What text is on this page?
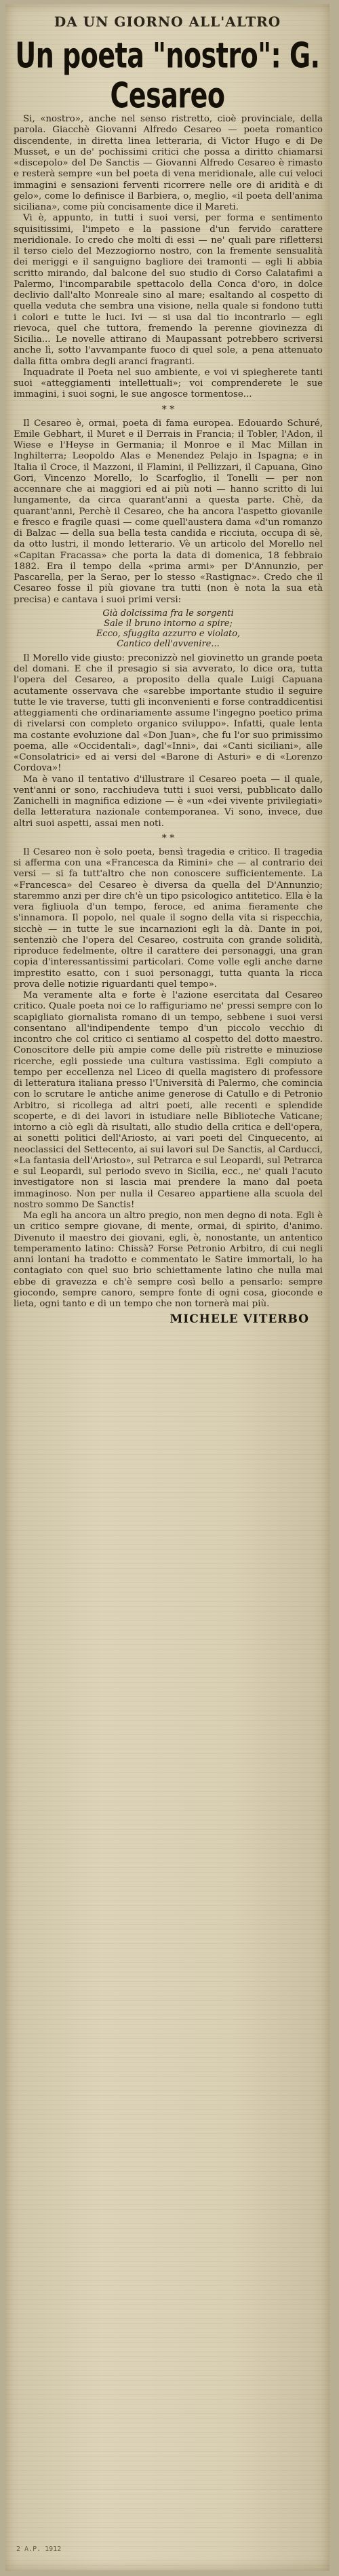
DA UN GIORNO ALL'ALTRO
Un poeta "nostro": G. Cesareo

Si, «nostro», anche nel senso ristretto, cioè provinciale, della parola. Giacchè Giovanni Alfredo Cesareo — poeta romantico discendente, in diretta linea letteraria, di Victor Hugo e di De Musset, e un de' pochissimi critici che possa a diritto chiamarsi «discepolo» del De Sanctis — Giovanni Alfredo Cesareo è rimasto e resterà sempre «un bel poeta di vena meridionale, alle cui veloci immagini e sensazioni ferventi ricorrere nelle ore di aridità e di gelo», come lo definisce il Barbiera, o, meglio, «il poeta dell'anima siciliana», come più concisamente dice il Mareti.

Vi è, appunto, in tutti i suoi versi, per forma e sentimento squisitissimi, l'impeto e la passione d'un fervido carattere meridionale. Io credo che molti di essi — ne' quali pare riflettersi il terso cielo del Mezzogiorno nostro, con la fremente sensualità dei meriggi e il sanguigno bagliore dei tramonti — egli li abbia scritto mirando, dal balcone del suo studio di Corso Calatafimi a Palermo, l'incomparabile spettacolo della Conca d'oro, in dolce declivio dall'alto Monreale sino al mare; esaltando al cospetto di quella veduta che sembra una visione, nella quale si fondono tutti i colori e tutte le luci. Ivi — si usa dal tio incontrarlo — egli rievoca, quel che tuttora, fremendo la perenne giovinezza di Sicilia... Le novelle attirano di Maupassant potrebbero scriversi anche lì, sotto l'avvampante fuoco di quel sole, a pena attenuato dalla fitta ombra degli aranci fragranti.

Inquadrate il Poeta nel suo ambiente, e voi vi spiegherete tanti suoi «atteggiamenti intellettuali»; voi comprenderete le sue immagini, i suoi sogni, le sue angosce tormentose...

* *

Il Cesareo è, ormai, poeta di fama europea. Edouardo Schuré, Emile Gebhart, il Muret e il Derrais in Francia; il Tobler, l'Adon, il Wiese e l'Heyse in Germania; il Monroe e il Mac Millan in Inghilterra; Leopoldo Alas e Menendez Pelajo in Ispagna; e in Italia il Croce, il Mazzoni, il Flamini, il Pellizzari, il Capuana, Gino Gori, Vincenzo Morello, lo Scarfoglio, il Tonelli — per non accennare che ai maggiori ed ai più noti — hanno scritto di lui lungamente, da circa quarant'anni a questa parte. Chè, da quarant'anni, Perchè il Cesareo, che ha ancora l'aspetto giovanile e fresco e fragile quasi — come quell'austera dama «d'un romanzo di Balzac — della sua bella testa candida e ricciuta, occupa di sè, da otto lustri, il mondo letterario. Vè un articolo del Morello nel «Capitan Fracassa» che porta la data di domenica, 18 febbraio 1882. Era il tempo della «prima armi» per D'Annunzio, per Pascarella, per la Serao, per lo stesso «Rastignac». Credo che il Cesareo fosse il più giovane tra tutti (non è nota la sua età precisa) e cantava i suoi primi versi:

Già dolcissima fra le sorgenti
Sale il bruno intorno a spire;
Ecco, sfuggita azzurro e violato,
Cantico dell'avvenire...

Il Morello vide giusto: preconizzò nel giovinetto un grande poeta del domani. E che il presagio si sia avverato, lo dice ora, tutta l'opera del Cesareo, a proposito della quale Luigi Capuana acutamente osservava che «sarebbe importante studio il seguire tutte le vie traverse, tutti gli inconvenienti e forse contraddicentisi atteggiamenti che ordinariamente assume l'ingegno poetico prima di rivelarsi con completo organico sviluppo». Infatti, quale lenta ma costante evoluzione dal «Don Juan», che fu l'or suo primissimo poema, alle «Occidentali», dagl'«Inni», dai «Canti siciliani», alle «Consolatrici» ed ai versi del «Barone di Asturi» e di «Lorenzo Cordova»!

Ma è vano il tentativo d'illustrare il Cesareo poeta — il quale, vent'anni or sono, racchiudeva tutti i suoi versi, pubblicato dallo Zanichelli in magnifica edizione — è «un «dei vivente privilegiati» della letteratura nazionale contemporanea. Vi sono, invece, due altri suoi aspetti, assai men noti.

* *

Il Cesareo non è solo poeta, bensì tragedia e critico. Il tragedia si afferma con una «Francesca da Rimini» che — al contrario dei versi — si fa tutt'altro che non conoscere sufficientemente. La «Francesca» del Cesareo è diversa da quella del D'Annunzio; staremmo anzi per dire ch'è un tipo psicologico antitetico. Ella è la vera figliuola d'un tempo, feroce, ed anima fieramente che s'innamora. Il popolo, nel quale il sogno della vita si rispecchia, sicchè — in tutte le sue incarnazioni egli la dà. Dante in poi, sentenziò che l'opera del Cesareo, costruita con grande solidità, riproduce fedelmente, oltre il carattere dei personaggi, una gran copia d'interessantissimi particolari. Come volle egli anche darne imprestito esatto, con i suoi personaggi, tutta quanta la ricca prova delle notizie riguardanti quel tempo».

Ma veramente alta e forte è l'azione esercitata dal Cesareo critico. Quale poeta noi ce lo raffiguriamo ne' pressi sempre con lo scapigliato giornalista romano di un tempo, sebbene i suoi versi consentano all'indipendente tempo d'un piccolo vecchio di incontro che col critico ci sentiamo al cospetto del dotto maestro. Conoscitore delle più ampie come delle più ristrette e minuziose ricerche, egli possiede una cultura vastissima. Egli compiuto a tempo per eccellenza nel Liceo di quella magistero di professore di letteratura italiana presso l'Università di Palermo, che comincia con lo scrutare le antiche anime generose di Catullo e di Petronio Arbitro, si ricollega ad altri poeti, alle recenti e splendide scoperte, e di dei lavori in istudiare nelle Biblioteche Vaticane; intorno a ciò egli dà risultati, allo studio della critica e dell'opera, ai sonetti politici dell'Ariosto, ai vari poeti del Cinquecento, ai neoclassici del Settecento, ai sui lavori sul De Sanctis, al Carducci, «La fantasia dell'Ariosto», sul Petrarca e sul Leopardi, sul Petrarca e sul Leopardi, sul periodo svevo in Sicilia, ecc., ne' quali l'acuto investigatore non si lascia mai prendere la mano dal poeta immaginoso. Non per nulla il Cesareo appartiene alla scuola del nostro sommo De Sanctis!

Ma egli ha ancora un altro pregio, non men degno di nota. Egli è un critico sempre giovane, di mente, ormai, di spirito, d'animo. Divenuto il maestro dei giovani, egli, è, nonostante, un antentico temperamento latino: Chissà? Forse Petronio Arbitro, di cui negli anni lontani ha tradotto e commentato le Satire immortali, lo ha contagiato con quel suo brio schiettamente latino che nulla mai ebbe di gravezza e ch'è sempre così bello a pensarlo: sempre giocondo, sempre canoro, sempre fonte di ogni cosa, gioconde e lieta, ogni tanto e di un tempo che non tornerà mai più.

MICHELE VITERBO
2 A.P. 1912
